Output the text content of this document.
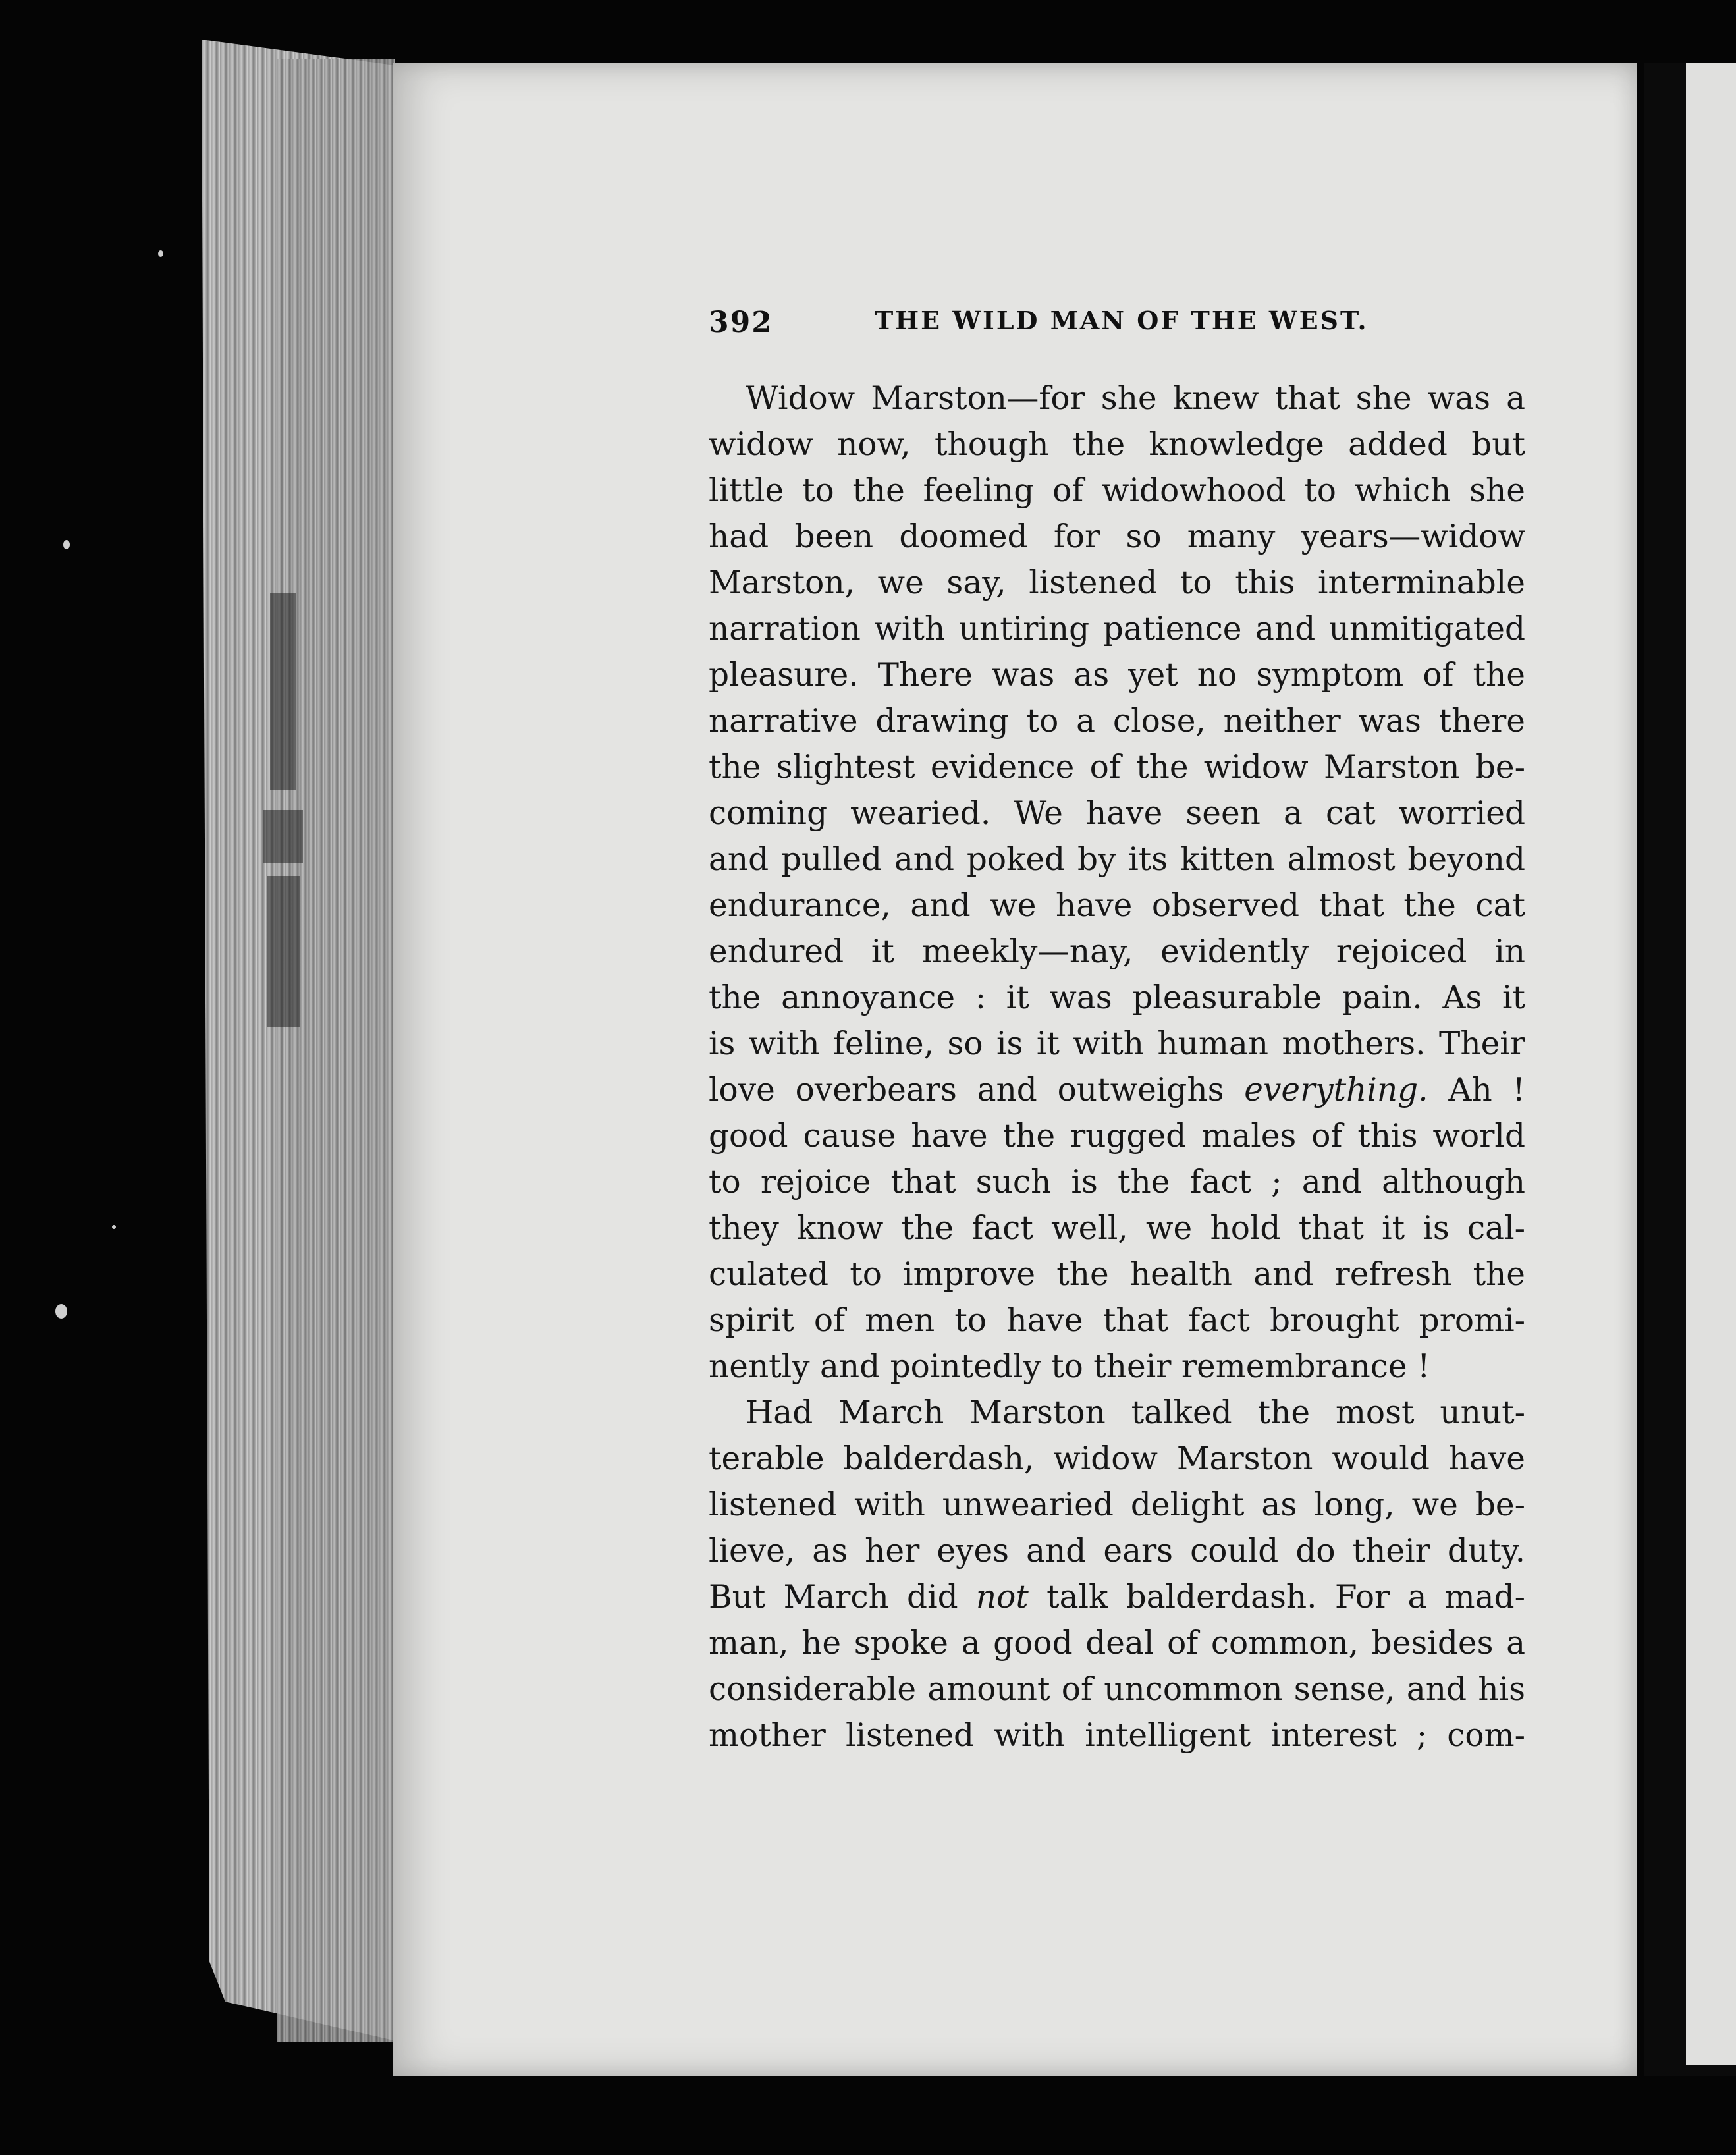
392	THE WILD MAN OF THE WEST.

Widow Marston—for she knew that she was a
widow now, though the knowledge added but
little to the feeling of widowhood to which she
had been doomed for so many years—widow
Marston, we say, listened to this interminable
narration with untiring patience and unmitigated
pleasure. There was as yet no symptom of the
narrative drawing to a close, neither was there
the slightest evidence of the widow Marston be-
coming wearied. We have seen a cat worried
and pulled and poked by its kitten almost beyond
endurance, and we have observed that the cat
endured it meekly—nay, evidently rejoiced in
the annoyance : it was pleasurable pain. As it
is with feline, so is it with human mothers. Their
love overbears and outweighs everything. Ah !
good cause have the rugged males of this world
to rejoice that such is the fact ; and although
they know the fact well, we hold that it is cal-
culated to improve the health and refresh the
spirit of men to have that fact brought promi-
nently and pointedly to their remembrance !

Had March Marston talked the most unut-
terable balderdash, widow Marston would have
listened with unwearied delight as long, we be-
lieve, as her eyes and ears could do their duty.
But March did not talk balderdash. For a mad-
man, he spoke a good deal of common, besides a
considerable amount of uncommon sense, and his
mother listened with intelligent interest ; com-
